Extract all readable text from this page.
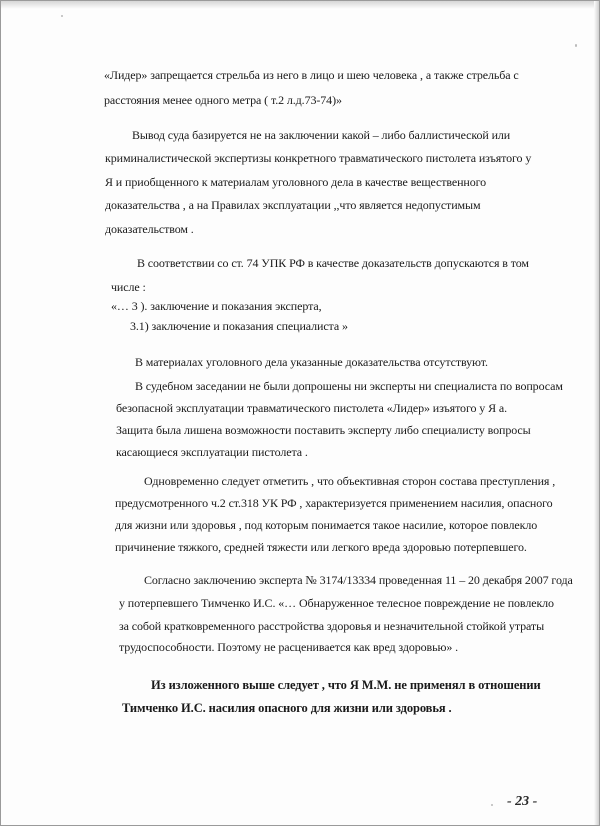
«Лидер» запрещается стрельба из него в лицо и шею человека , а также стрельба с
расстояния менее одного метра ( т.2 л.д.73-74)»
Вывод суда базируется не на заключении какой – либо баллистической или
криминалистической экспертизы конкретного травматического пистолета изъятого у
Я и приобщенного к материалам уголовного дела в качестве вещественного
доказательства , а на Правилах эксплуатации ,,что является недопустимым
доказательством .
В соответствии со ст. 74 УПК РФ в качестве доказательств допускаются в том
числе :
«… 3 ). заключение и показания эксперта,
3.1) заключение и показания специалиста »
В материалах уголовного дела указанные доказательства отсутствуют.
В судебном заседании не были допрошены ни эксперты ни специалиста по вопросам
безопасной эксплуатации травматического пистолета «Лидер» изъятого у Я а.
Защита была лишена возможности поставить эксперту либо специалисту вопросы
касающиеся эксплуатации пистолета .
Одновременно следует отметить , что объективная сторон состава преступления ,
предусмотренного ч.2 ст.318 УК РФ , характеризуется применением насилия, опасного
для жизни или здоровья , под которым понимается такое насилие, которое повлекло
причинение тяжкого, средней тяжести или легкого вреда здоровью потерпевшего.
Согласно заключению эксперта № 3174/13334 проведенная 11 – 20 декабря 2007 года
у потерпевшего Тимченко И.С. «… Обнаруженное телесное повреждение не повлекло
за собой кратковременного расстройства здоровья и незначительной стойкой утраты
трудоспособности. Поэтому не расценивается как вред здоровью» .
Из изложенного выше следует , что Я М.М. не применял в отношении
Тимченко И.С. насилия опасного для жизни или здоровья .
- 23 -
